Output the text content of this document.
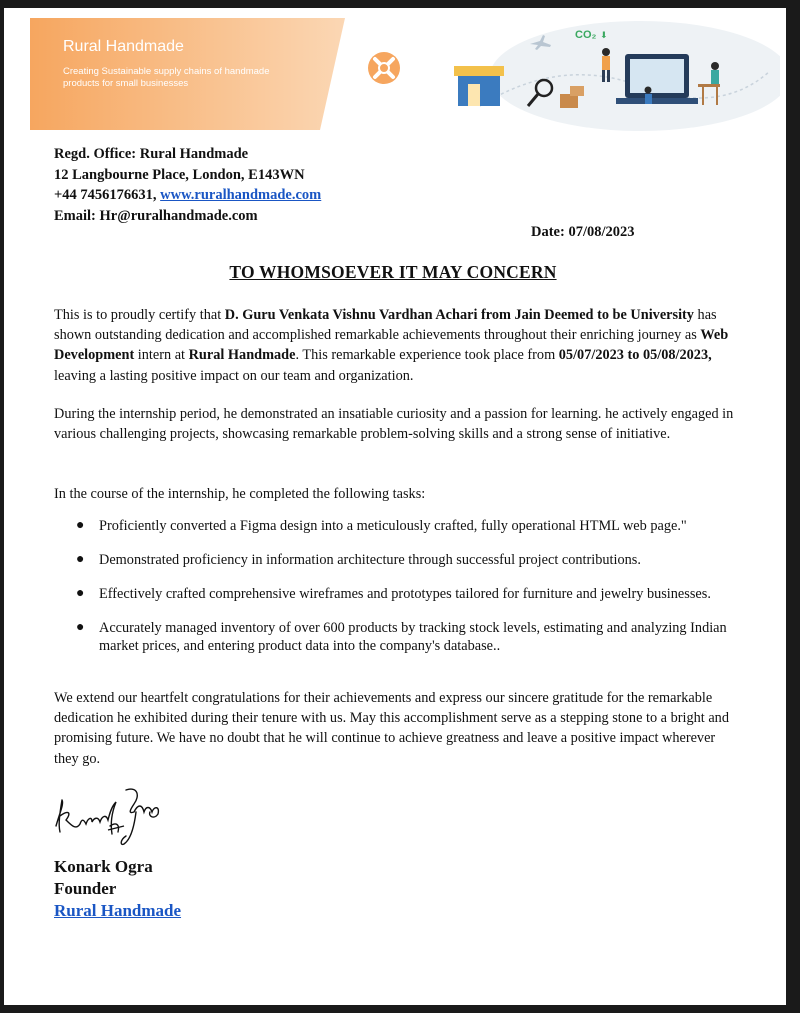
Rural Handmade
Creating Sustainable supply chains of handmade products for small businesses
CO₂ ⬇
Regd. Office: Rural Handmade
12 Langbourne Place, London, E143WN
+44 7456176631, www.ruralhandmade.com
Email: Hr@ruralhandmade.com
Date: 07/08/2023
TO WHOMSOEVER IT MAY CONCERN
This is to proudly certify that D. Guru Venkata Vishnu Vardhan Achari from Jain Deemed to be University has shown outstanding dedication and accomplished remarkable achievements throughout their enriching journey as Web Development intern at Rural Handmade. This remarkable experience took place from 05/07/2023 to 05/08/2023, leaving a lasting positive impact on our team and organization.
During the internship period, he demonstrated an insatiable curiosity and a passion for learning. he actively engaged in various challenging projects, showcasing remarkable problem-solving skills and a strong sense of initiative.
In the course of the internship, he completed the following tasks:
● Proficiently converted a Figma design into a meticulously crafted, fully operational HTML web page."
● Demonstrated proficiency in information architecture through successful project contributions.
● Effectively crafted comprehensive wireframes and prototypes tailored for furniture and jewelry businesses.
● Accurately managed inventory of over 600 products by tracking stock levels, estimating and analyzing Indian market prices, and entering product data into the company's database..
We extend our heartfelt congratulations for their achievements and express our sincere gratitude for the remarkable dedication he exhibited during their tenure with us. May this accomplishment serve as a stepping stone to a bright and promising future. We have no doubt that he will continue to achieve greatness and leave a positive impact wherever they go.
Konark Ogra
Founder
Rural Handmade
